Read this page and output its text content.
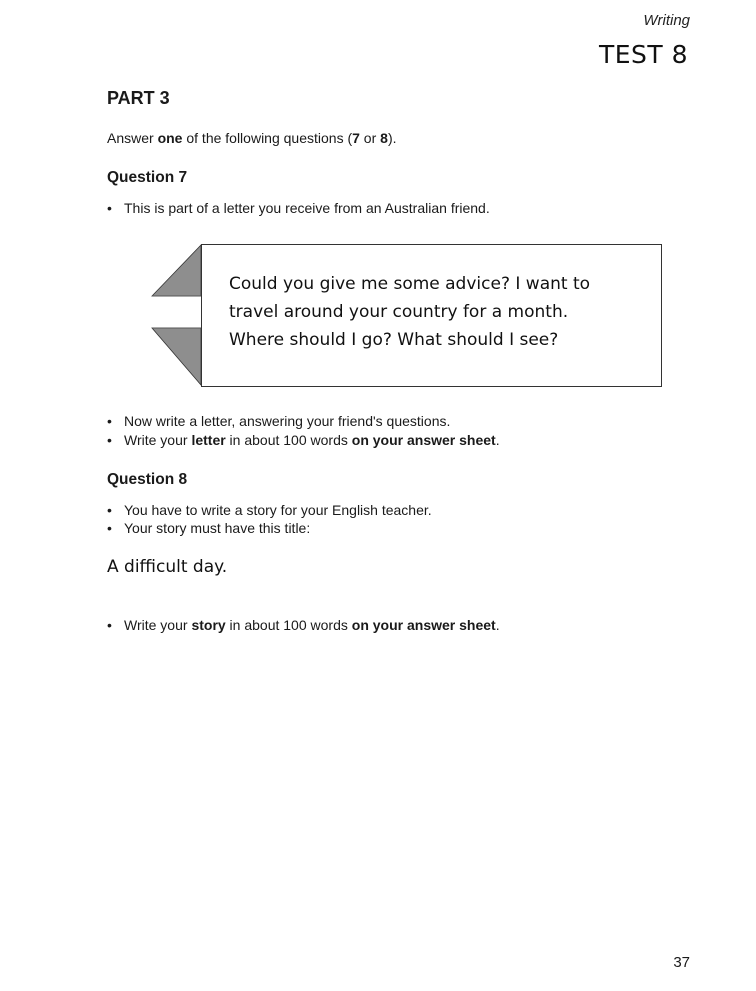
Writing
TEST 8
PART 3
Answer one of the following questions (7 or 8).
Question 7
• This is part of a letter you receive from an Australian friend.
Could you give me some advice? I want to
travel around your country for a month.
Where should I go? What should I see?
• Now write a letter, answering your friend's questions.
• Write your letter in about 100 words on your answer sheet.
Question 8
• You have to write a story for your English teacher.
• Your story must have this title:
A difficult day.
• Write your story in about 100 words on your answer sheet.
37
